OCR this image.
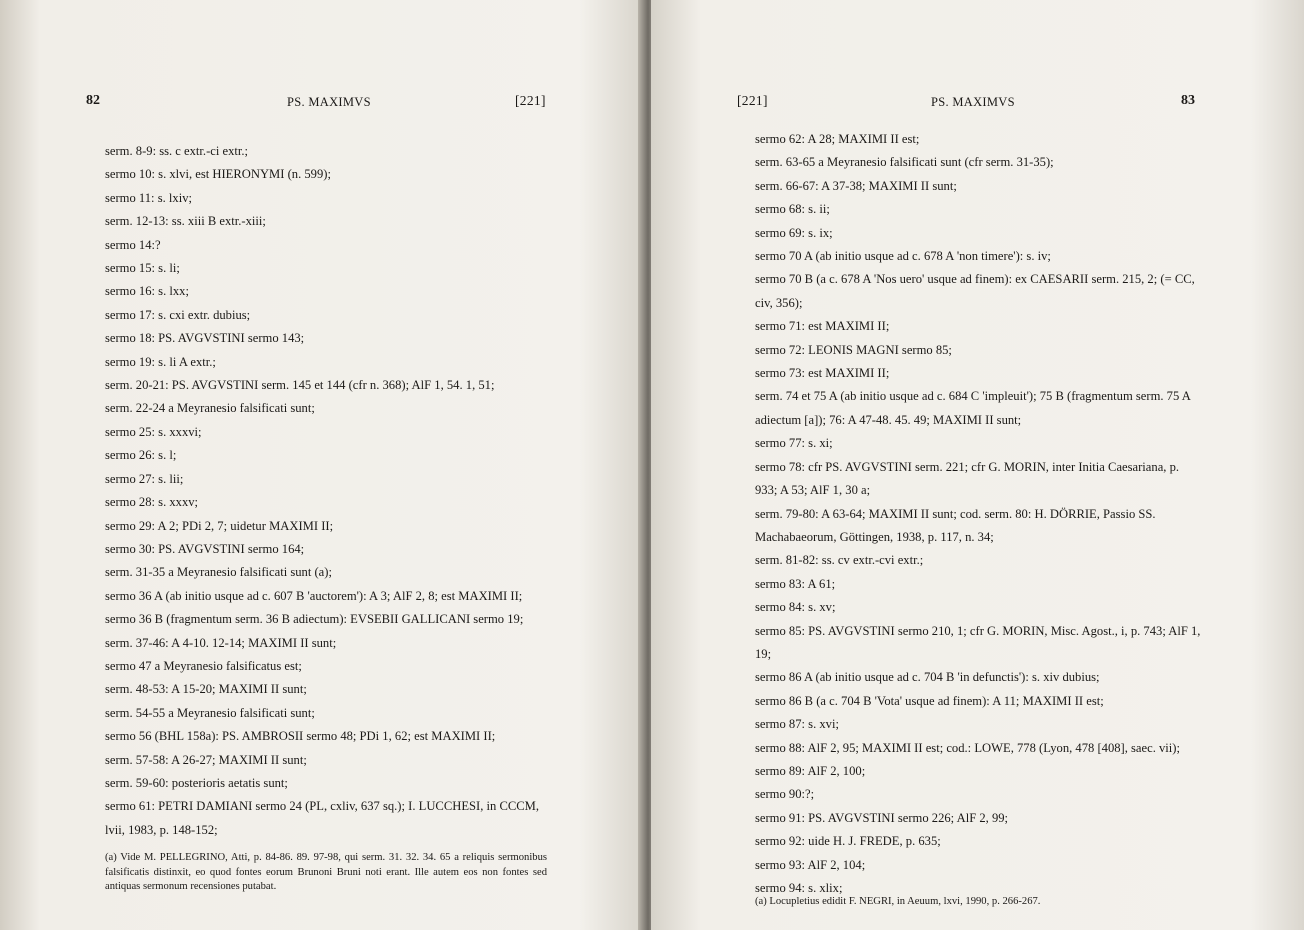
82	PS. MAXIMVS	[221]
serm. 8-9: ss. c extr.-ci extr.;
sermo 10: s. xlvi, est HIERONYMI (n. 599);
sermo 11: s. lxiv;
serm. 12-13: ss. xiii B extr.-xiii;
sermo 14:?
sermo 15: s. li;
sermo 16: s. lxx;
sermo 17: s. cxi extr. dubius;
sermo 18: PS. AVGVSTINI sermo 143;
sermo 19: s. li A extr.;
serm. 20-21: PS. AVGVSTINI serm. 145 et 144 (cfr n. 368); AlF 1, 54. 1, 51;
serm. 22-24 a Meyranesio falsificati sunt;
sermo 25: s. xxxvi;
sermo 26: s. l;
sermo 27: s. lii;
sermo 28: s. xxxv;
sermo 29: A 2; PDi 2, 7; uidetur MAXIMI II;
sermo 30: PS. AVGVSTINI sermo 164;
serm. 31-35 a Meyranesio falsificati sunt (a);
sermo 36 A (ab initio usque ad c. 607 B 'auctorem'): A 3; AlF 2, 8; est MAXIMI II;
sermo 36 B (fragmentum serm. 36 B adiectum): EVSEBII GALLICANI sermo 19;
serm. 37-46: A 4-10. 12-14; MAXIMI II sunt;
sermo 47 a Meyranesio falsificatus est;
serm. 48-53: A 15-20; MAXIMI II sunt;
serm. 54-55 a Meyranesio falsificati sunt;
sermo 56 (BHL 158a): PS. AMBROSII sermo 48; PDi 1, 62; est MAXIMI II;
serm. 57-58: A 26-27; MAXIMI II sunt;
serm. 59-60: posterioris aetatis sunt;
sermo 61: PETRI DAMIANI sermo 24 (PL, cxliv, 637 sq.); I. LUCCHESI, in CCCM, lvii, 1983, p. 148-152;
(a) Vide M. PELLEGRINO, Atti, p. 84-86. 89. 97-98, qui serm. 31. 32. 34. 65 a reliquis sermonibus falsificatis distinxit, eo quod fontes eorum Brunoni Bruni noti erant. Ille autem eos non fontes sed antiquas sermonum recensiones putabat.
[221]	PS. MAXIMVS	83
sermo 62: A 28; MAXIMI II est;
serm. 63-65 a Meyranesio falsificati sunt (cfr serm. 31-35);
serm. 66-67: A 37-38; MAXIMI II sunt;
sermo 68: s. ii;
sermo 69: s. ix;
sermo 70 A (ab initio usque ad c. 678 A 'non timere'): s. iv;
sermo 70 B (a c. 678 A 'Nos uero' usque ad finem): ex CAESARII serm. 215, 2; (= CC, civ, 356);
sermo 71: est MAXIMI II;
sermo 72: LEONIS MAGNI sermo 85;
sermo 73: est MAXIMI II;
serm. 74 et 75 A (ab initio usque ad c. 684 C 'impleuit'); 75 B (fragmentum serm. 75 A adiectum [a]); 76: A 47-48. 45. 49; MAXIMI II sunt;
sermo 77: s. xi;
sermo 78: cfr PS. AVGVSTINI serm. 221; cfr G. MORIN, inter Initia Caesariana, p. 933; A 53; AlF 1, 30 a;
serm. 79-80: A 63-64; MAXIMI II sunt; cod. serm. 80: H. DÖRRIE, Passio SS. Machabaeorum, Göttingen, 1938, p. 117, n. 34;
serm. 81-82: ss. cv extr.-cvi extr.;
sermo 83: A 61;
sermo 84: s. xv;
sermo 85: PS. AVGVSTINI sermo 210, 1; cfr G. MORIN, Misc. Agost., i, p. 743; AlF 1, 19;
sermo 86 A (ab initio usque ad c. 704 B 'in defunctis'): s. xiv dubius;
sermo 86 B (a c. 704 B 'Vota' usque ad finem): A 11; MAXIMI II est;
sermo 87: s. xvi;
sermo 88: AlF 2, 95; MAXIMI II est; cod.: LOWE, 778 (Lyon, 478 [408], saec. vii);
sermo 89: AlF 2, 100;
sermo 90:?;
sermo 91: PS. AVGVSTINI sermo 226; AlF 2, 99;
sermo 92: uide H. J. FREDE, p. 635;
sermo 93: AlF 2, 104;
sermo 94: s. xlix;
(a) Locupletius edidit F. NEGRI, in Aeuum, lxvi, 1990, p. 266-267.
